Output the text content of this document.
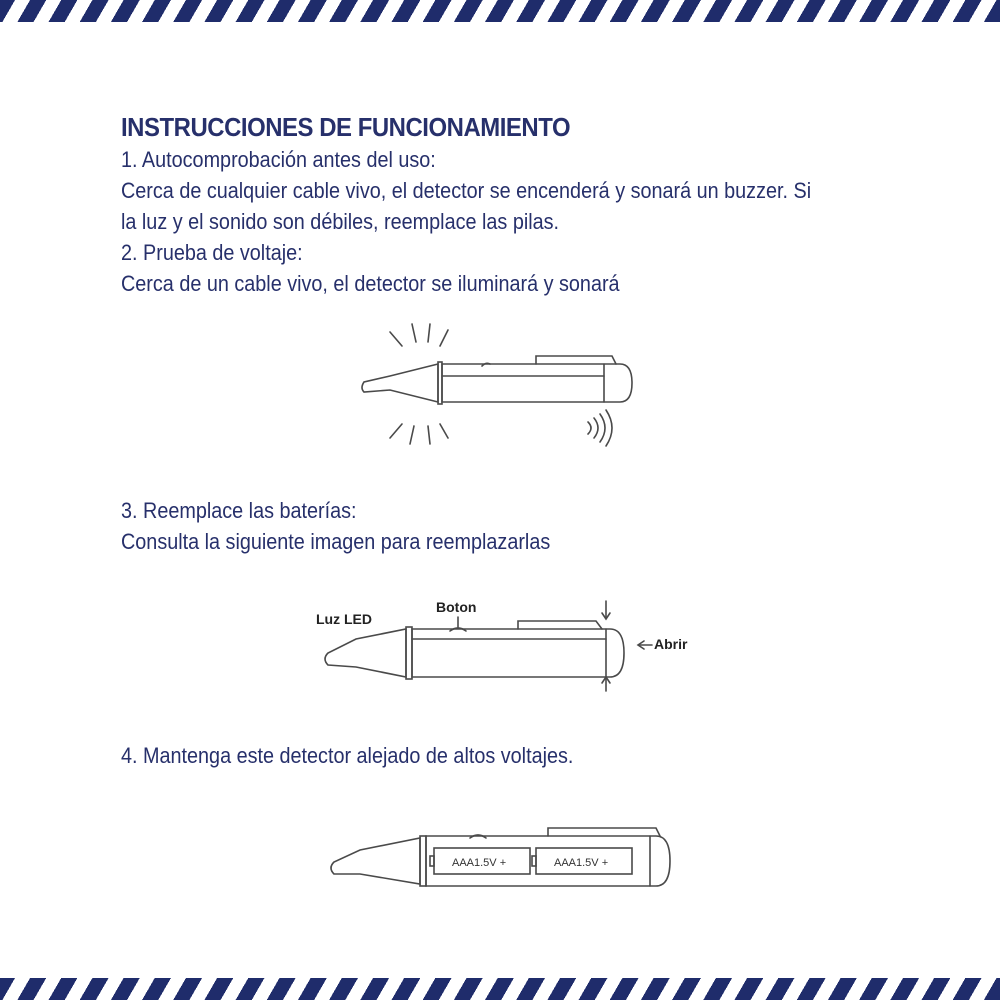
INSTRUCCIONES DE FUNCIONAMIENTO

1. Autocomprobación antes del uso:

Cerca de cualquier cable vivo, el detector se encenderá y sonará un buzzer. Si

la luz y el sonido son débiles, reemplace las pilas.

2. Prueba de voltaje:

Cerca de un cable vivo, el detector se iluminará y sonará

3. Reemplace las baterías:

Consulta la siguiente imagen para reemplazarlas

Luz LED
Boton
Abrir

4. Mantenga este detector alejado de altos voltajes.

AAA1.5V +	AAA1.5V +
